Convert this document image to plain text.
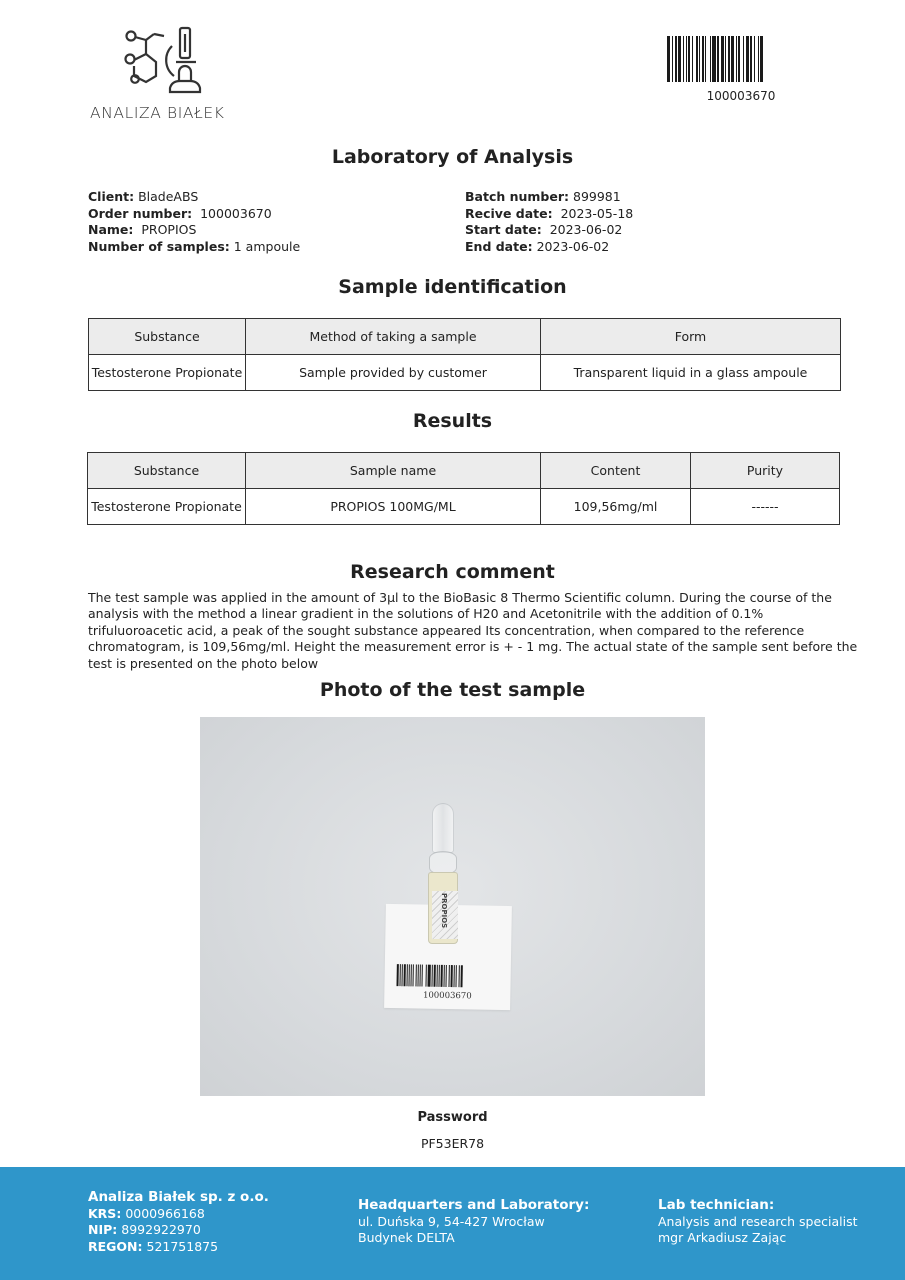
ANALIZA BIAŁEK
100003670
Laboratory of Analysis
Client: BladeABS
Order number: 100003670
Name: PROPIOS
Number of samples: 1 ampoule
Batch number: 899981
Recive date: 2023-05-18
Start date: 2023-06-02
End date: 2023-06-02
Sample identification
Substance	Method of taking a sample	Form
Testosterone Propionate	Sample provided by customer	Transparent liquid in a glass ampoule
Results
Substance	Sample name	Content	Purity
Testosterone Propionate	PROPIOS 100MG/ML	109,56mg/ml	------
Research comment

The test sample was applied in the amount of 3µl to the BioBasic 8 Thermo Scientific column. During the course of the analysis with the method a linear gradient in the solutions of H20 and Acetonitrile with the addition of 0.1% trifuluoroacetic acid, a peak of the sought substance appeared Its concentration, when compared to the reference chromatogram, is 109,56mg/ml. Height the measurement error is + - 1 mg. The actual state of the sample sent before the test is presented on the photo below

Photo of the test sample
100003670
PROPIOS
Password
PF53ER78
Analiza Białek sp. z o.o.
KRS: 0000966168
NIP: 8992922970
REGON: 521751875
Headquarters and Laboratory:
ul. Duńska 9, 54-427 Wrocław
Budynek DELTA
Lab technician:
Analysis and research specialist
mgr Arkadiusz Zając
